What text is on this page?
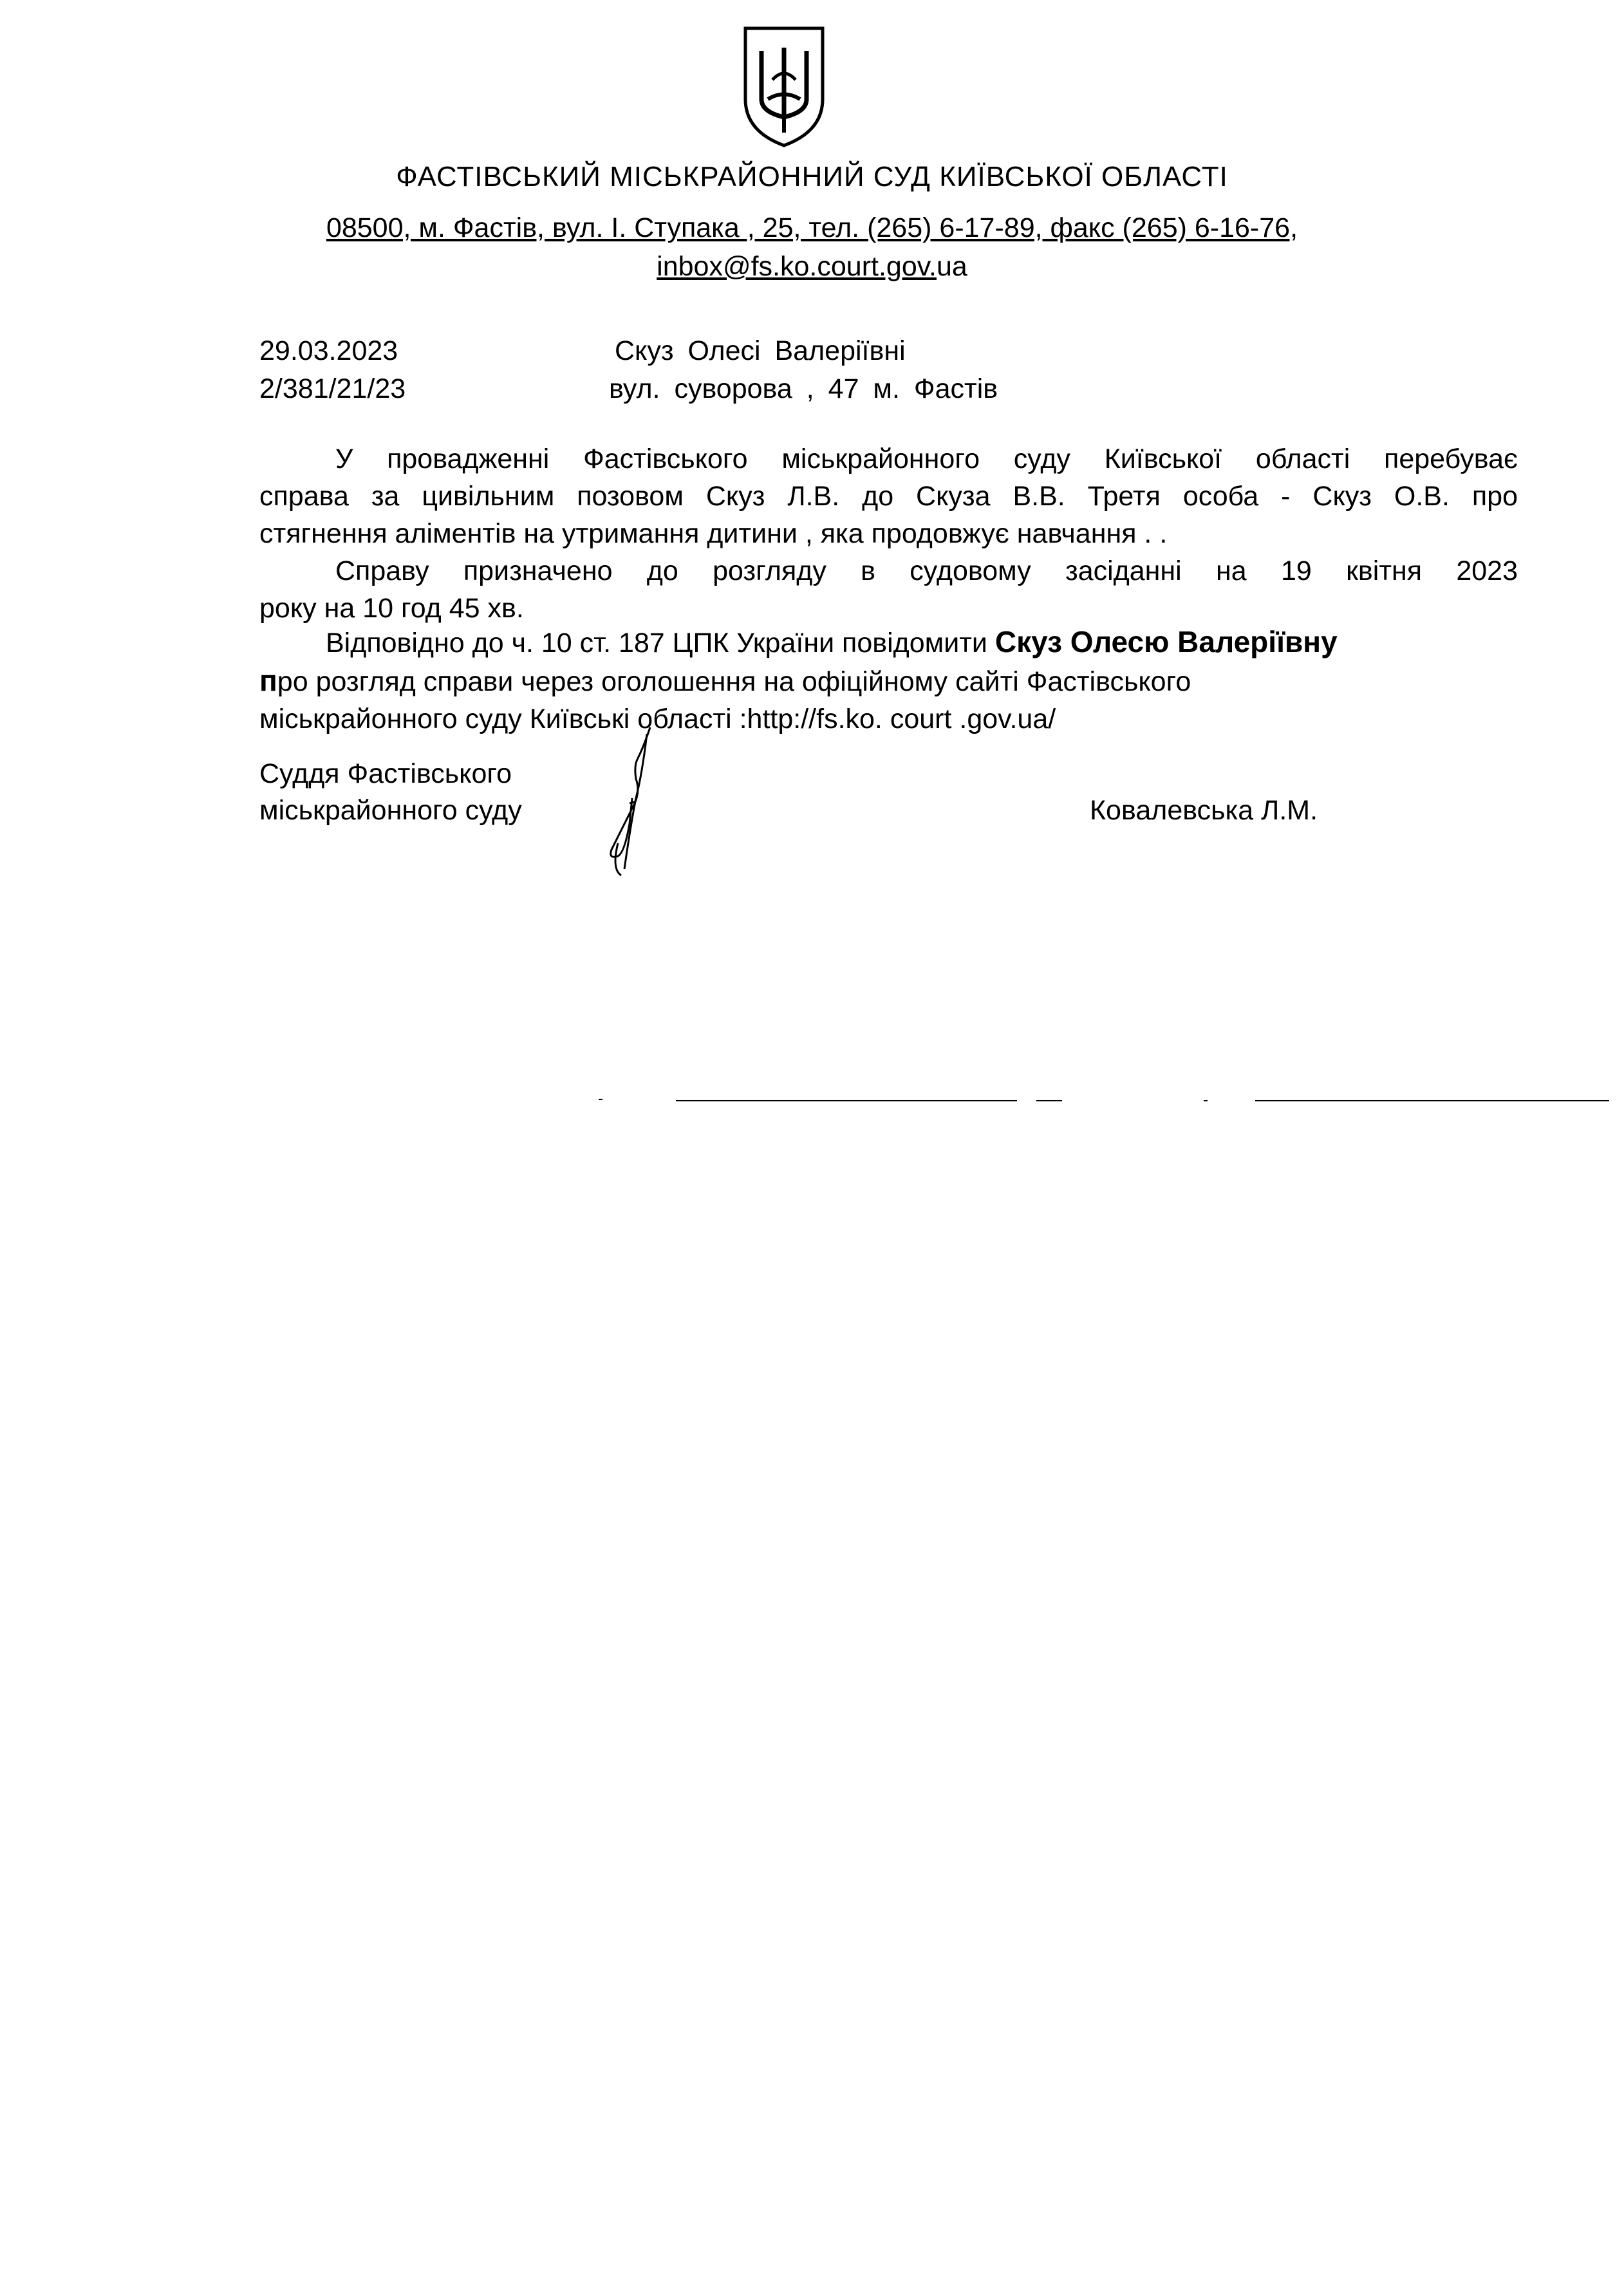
ФАСТІВСЬКИЙ МІСЬКРАЙОННИЙ СУД КИЇВСЬКОЇ ОБЛАСТІ
08500, м. Фастів, вул. І. Ступака , 25, тел. (265) 6-17-89, факс (265) 6-16-76,
inbox@fs.ko.court.gov.ua
29.03.2023
2/381/21/23
Скуз Олесі Валеріївні
вул. суворова , 47 м. Фастів
У провадженні Фастівського міськрайонного суду Київської області перебуває
справа за цивільним позовом Скуз Л.В. до Скуза В.В. Третя особа - Скуз О.В. про
стягнення аліментів на утримання дитини , яка продовжує навчання . .
Справу призначено до розгляду в судовому засіданні на 19 квітня 2023
року на 10 год 45 хв.
Відповідно до ч. 10 ст. 187 ЦПК України повідомити Скуз Олесю Валеріївну
про розгляд справи через оголошення на офіційному сайті Фастівського
міськрайонного суду Київські області :http://fs.ko. court .gov.ua/
Суддя Фастівського
міськрайонного суду	Ковалевська Л.М.
